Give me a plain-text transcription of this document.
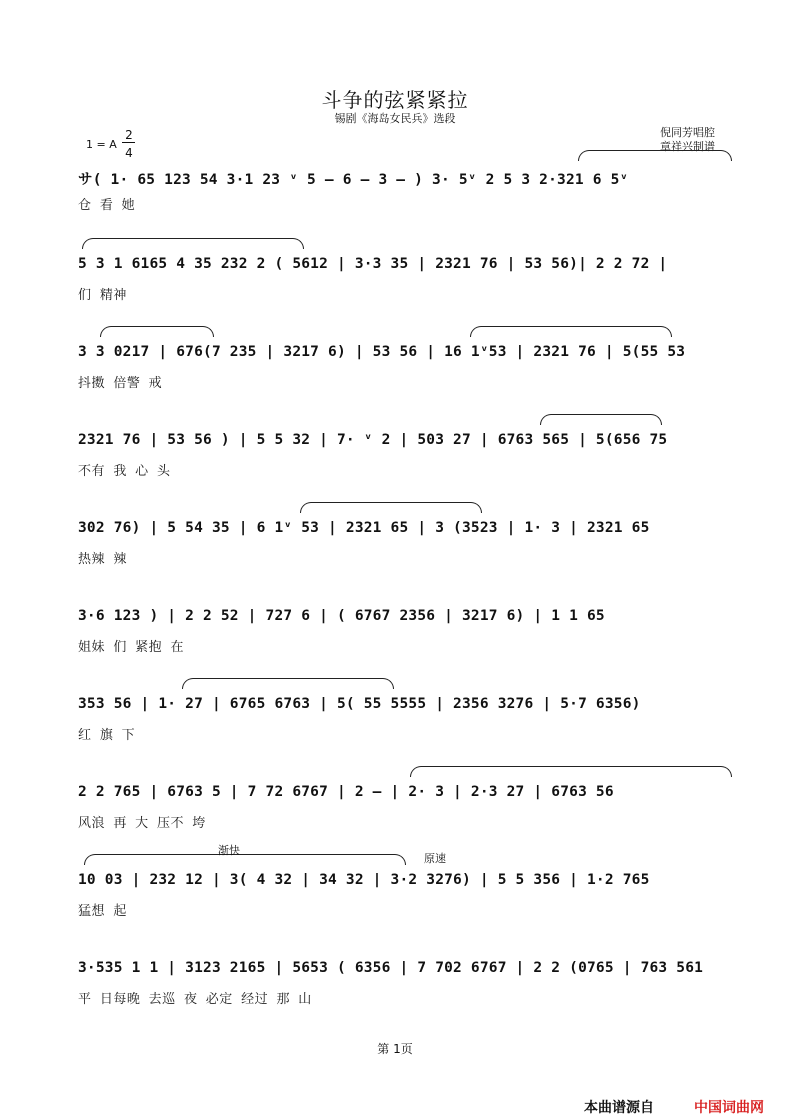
斗争的弦紧紧拉
锡剧《海岛女民兵》选段
1 = A
2
4
倪同芳唱腔
章祥兴制谱
渐快
原速
サ( 1· 65 123 54 3·1 23 ᵛ 5 – 6 – 3 – ) 3· 5ᵛ 2 5 3 2·321 6 5ᵛ
仓 看 她
5 3 1 6165 4 35 232 2 ( 5612 | 3·3 35 | 2321 76 | 53 56)| 2 2 72 |
们 精神
3 3 0217 | 676(7 235 | 3217 6) | 53 56 | 16 1ᵛ53 | 2321 76 | 5(55 53
抖擞 倍警 戒
2321 76 | 53 56 ) | 5 5 32 | 7· ᵛ 2 | 503 27 | 6763 565 | 5(656 75
不有 我 心 头
302 76) | 5 54 35 | 6 1ᵛ 53 | 2321 65 | 3 (3523 | 1· 3 | 2321 65
热辣 辣
3·6 123 ) | 2 2 52 | 727 6 | ( 6767 2356 | 3217 6) | 1 1 65
姐妹 们 紧抱 在
353 56 | 1· 27 | 6765 6763 | 5( 55 5555 | 2356 3276 | 5·7 6356)
红 旗 下
2 2 765 | 6763 5 | 7 72 6767 | 2 – | 2· 3 | 2·3 27 | 6763 56
风浪 再 大 压不 垮
10 03 | 232 12 | 3( 4 32 | 34 32 | 3·2 3276) | 5 5 356 | 1·2 765
猛想 起
3·535 1 1 | 3123 2165 | 5653 ( 6356 | 7 702 6767 | 2 2 (0765 | 763 561
平 日每晚 去巡 夜 必定 经过 那 山
第 1页
本曲谱源自	中国词曲网
